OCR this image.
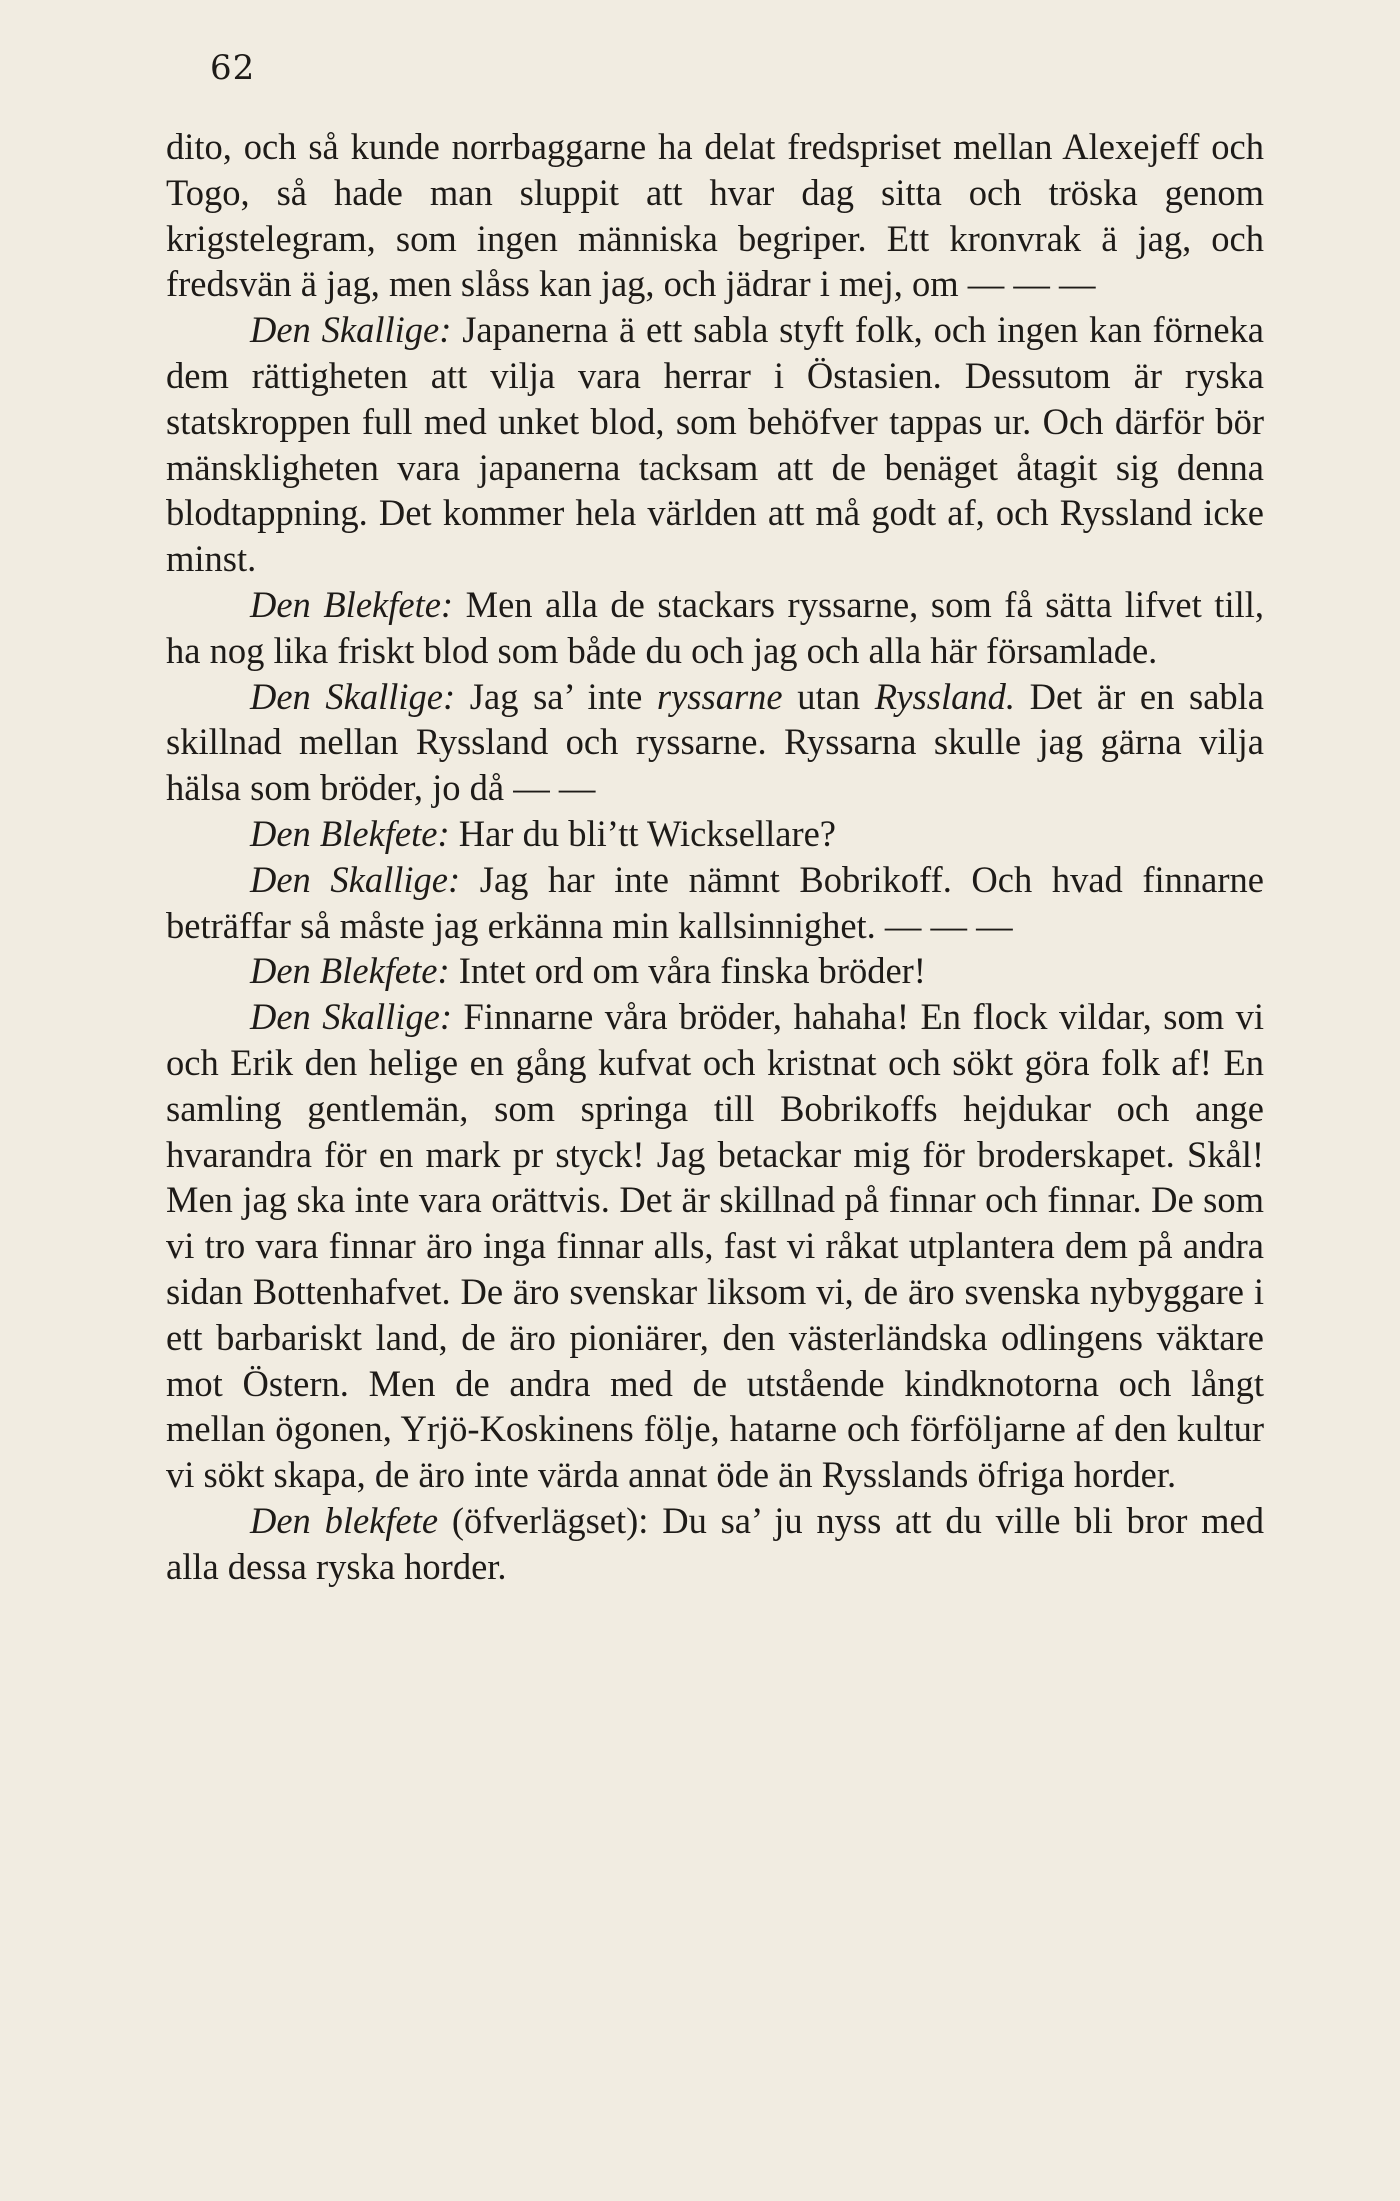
62

dito, och så kunde norrbaggarne ha delat fredspriset mellan Alexejeff och Togo, så hade man sluppit att hvar dag sitta och tröska genom krigstelegram, som ingen människa begriper. Ett kronvrak ä jag, och fredsvän ä jag, men slåss kan jag, och jädrar i mej, om — — —

Den Skallige: Japanerna ä ett sabla styft folk, och ingen kan förneka dem rättigheten att vilja vara herrar i Östasien. Dessutom är ryska statskroppen full med unket blod, som behöfver tappas ur. Och därför bör mänskligheten vara japanerna tacksam att de benäget åtagit sig denna blodtappning. Det kommer hela världen att må godt af, och Ryssland icke minst.

Den Blekfete: Men alla de stackars ryssarne, som få sätta lifvet till, ha nog lika friskt blod som både du och jag och alla här församlade.

Den Skallige: Jag sa’ inte ryssarne utan Ryssland. Det är en sabla skillnad mellan Ryssland och ryssarne. Ryssarna skulle jag gärna vilja hälsa som bröder, jo då — —

Den Blekfete: Har du bli’tt Wicksellare?

Den Skallige: Jag har inte nämnt Bobrikoff. Och hvad finnarne beträffar så måste jag erkänna min kallsinnighet. — — —

Den Blekfete: Intet ord om våra finska bröder!

Den Skallige: Finnarne våra bröder, hahaha! En flock vildar, som vi och Erik den helige en gång kufvat och kristnat och sökt göra folk af! En samling gentlemän, som springa till Bobrikoffs hejdukar och ange hvarandra för en mark pr styck! Jag betackar mig för broderskapet. Skål! Men jag ska inte vara orättvis. Det är skillnad på finnar och finnar. De som vi tro vara finnar äro inga finnar alls, fast vi råkat utplantera dem på andra sidan Bottenhafvet. De äro svenskar liksom vi, de äro svenska nybyggare i ett barbariskt land, de äro pioniärer, den västerländska odlingens väktare mot Östern. Men de andra med de utstående kindknotorna och långt mellan ögonen, Yrjö-Koskinens följe, hatarne och förföljarne af den kultur vi sökt skapa, de äro inte värda annat öde än Rysslands öfriga horder.

Den blekfete (öfverlägset): Du sa’ ju nyss att du ville bli bror med alla dessa ryska horder.
